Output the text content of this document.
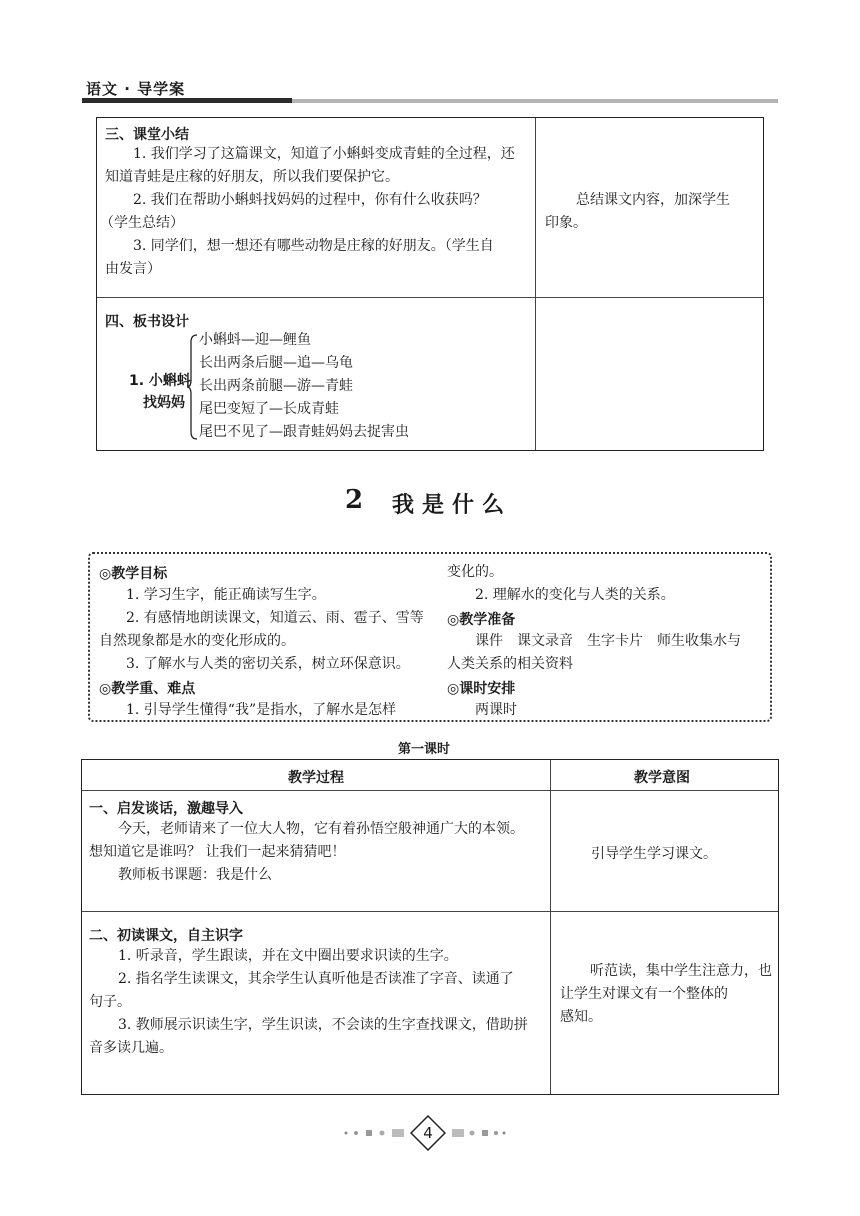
语文 · 导学案
三、课堂小结
1. 我们学习了这篇课文，知道了小蝌蚪变成青蛙的全过程，还
知道青蛙是庄稼的好朋友，所以我们要保护它。
2. 我们在帮助小蝌蚪找妈妈的过程中，你有什么收获吗？
（学生总结）
3. 同学们，想一想还有哪些动物是庄稼的好朋友。（学生自
由发言）
总结课文内容，加深学生
印象。
四、板书设计
1. 小蝌蚪
找妈妈
小蝌蚪—迎—鲤鱼
长出两条后腿—追—乌龟
长出两条前腿—游—青蛙
尾巴变短了—长成青蛙
尾巴不见了—跟青蛙妈妈去捉害虫
2 我是什么
◎教学目标
1. 学习生字，能正确读写生字。
2. 有感情地朗读课文，知道云、雨、雹子、雪等
自然现象都是水的变化形成的。
3. 了解水与人类的密切关系，树立环保意识。
◎教学重、难点
1. 引导学生懂得“我”是指水，了解水是怎样
变化的。
2. 理解水的变化与人类的关系。
◎教学准备
课件　课文录音　生字卡片　师生收集水与
人类关系的相关资料
◎课时安排
两课时
第一课时
教学过程	教学意图
一、启发谈话，激趣导入
今天，老师请来了一位大人物，它有着孙悟空般神通广大的本领。
想知道它是谁吗？ 让我们一起来猜猜吧！
教师板书课题：我是什么
引导学生学习课文。
二、初读课文，自主识字
1. 听录音，学生跟读，并在文中圈出要求识读的生字。
2. 指名学生读课文，其余学生认真听他是否读准了字音、读通了
句子。
3. 教师展示识读生字，学生识读，不会读的生字查找课文，借助拼
音多读几遍。
听范读，集中学生注意力，也
让学生对课文有一个整体的
感知。
4
